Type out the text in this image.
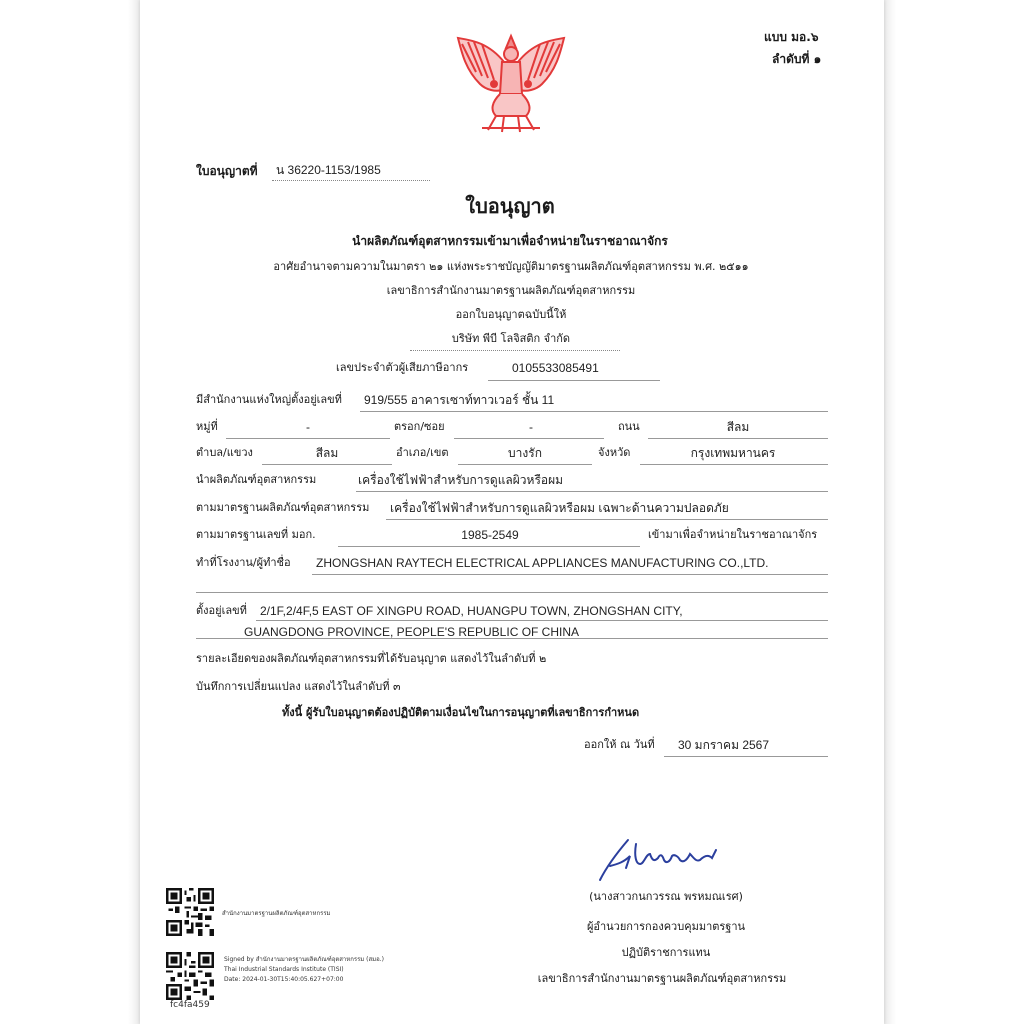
แบบ มอ.๖
ลำดับที่ ๑
ใบอนุญาตที่ น 36220-1153/1985
ใบอนุญาต
นำผลิตภัณฑ์อุตสาหกรรมเข้ามาเพื่อจำหน่ายในราชอาณาจักร
อาศัยอำนาจตามความในมาตรา ๒๑ แห่งพระราชบัญญัติมาตรฐานผลิตภัณฑ์อุตสาหกรรม พ.ศ. ๒๕๑๑
เลขาธิการสำนักงานมาตรฐานผลิตภัณฑ์อุตสาหกรรม
ออกใบอนุญาตฉบับนี้ให้
บริษัท พีบี โลจิสติก จำกัด
เลขประจำตัวผู้เสียภาษีอากร	0105533085491
มีสำนักงานแห่งใหญ่ตั้งอยู่เลขที่ 919/555 อาคารเซาท์ทาวเวอร์ ชั้น 11
หมู่ที่	-	ตรอก/ซอย	-	ถนน	สีลม
ตำบล/แขวง	สีลม	อำเภอ/เขต	บางรัก	จังหวัด	กรุงเทพมหานคร
นำผลิตภัณฑ์อุตสาหกรรม	เครื่องใช้ไฟฟ้าสำหรับการดูแลผิวหรือผม
ตามมาตรฐานผลิตภัณฑ์อุตสาหกรรม เครื่องใช้ไฟฟ้าสำหรับการดูแลผิวหรือผม เฉพาะด้านความปลอดภัย
ตามมาตรฐานเลขที่ มอก.	1985-2549	เข้ามาเพื่อจำหน่ายในราชอาณาจักร
ทำที่โรงงาน/ผู้ทำชื่อ ZHONGSHAN RAYTECH ELECTRICAL APPLIANCES MANUFACTURING CO.,LTD.
ตั้งอยู่เลขที่ 2/1F,2/4F,5 EAST OF XINGPU ROAD, HUANGPU TOWN, ZHONGSHAN CITY,
GUANGDONG PROVINCE, PEOPLE'S REPUBLIC OF CHINA
รายละเอียดของผลิตภัณฑ์อุตสาหกรรมที่ได้รับอนุญาต แสดงไว้ในลำดับที่ ๒
บันทึกการเปลี่ยนแปลง แสดงไว้ในลำดับที่ ๓
ทั้งนี้ ผู้รับใบอนุญาตต้องปฏิบัติตามเงื่อนไขในการอนุญาตที่เลขาธิการกำหนด
ออกให้ ณ วันที่ 30 มกราคม 2567
(นางสาวกนกวรรณ พรหมณเรศ)
ผู้อำนวยการกองควบคุมมาตรฐาน
ปฏิบัติราชการแทน
เลขาธิการสำนักงานมาตรฐานผลิตภัณฑ์อุตสาหกรรม
สำนักงานมาตรฐานผลิตภัณฑ์อุตสาหกรรม
Signed by สำนักงานมาตรฐานผลิตภัณฑ์อุตสาหกรรม (สมอ.)
Thai Industrial Standards Institute (TISI)
Date: 2024-01-30T15:40:05.627+07:00
fc4fa459
